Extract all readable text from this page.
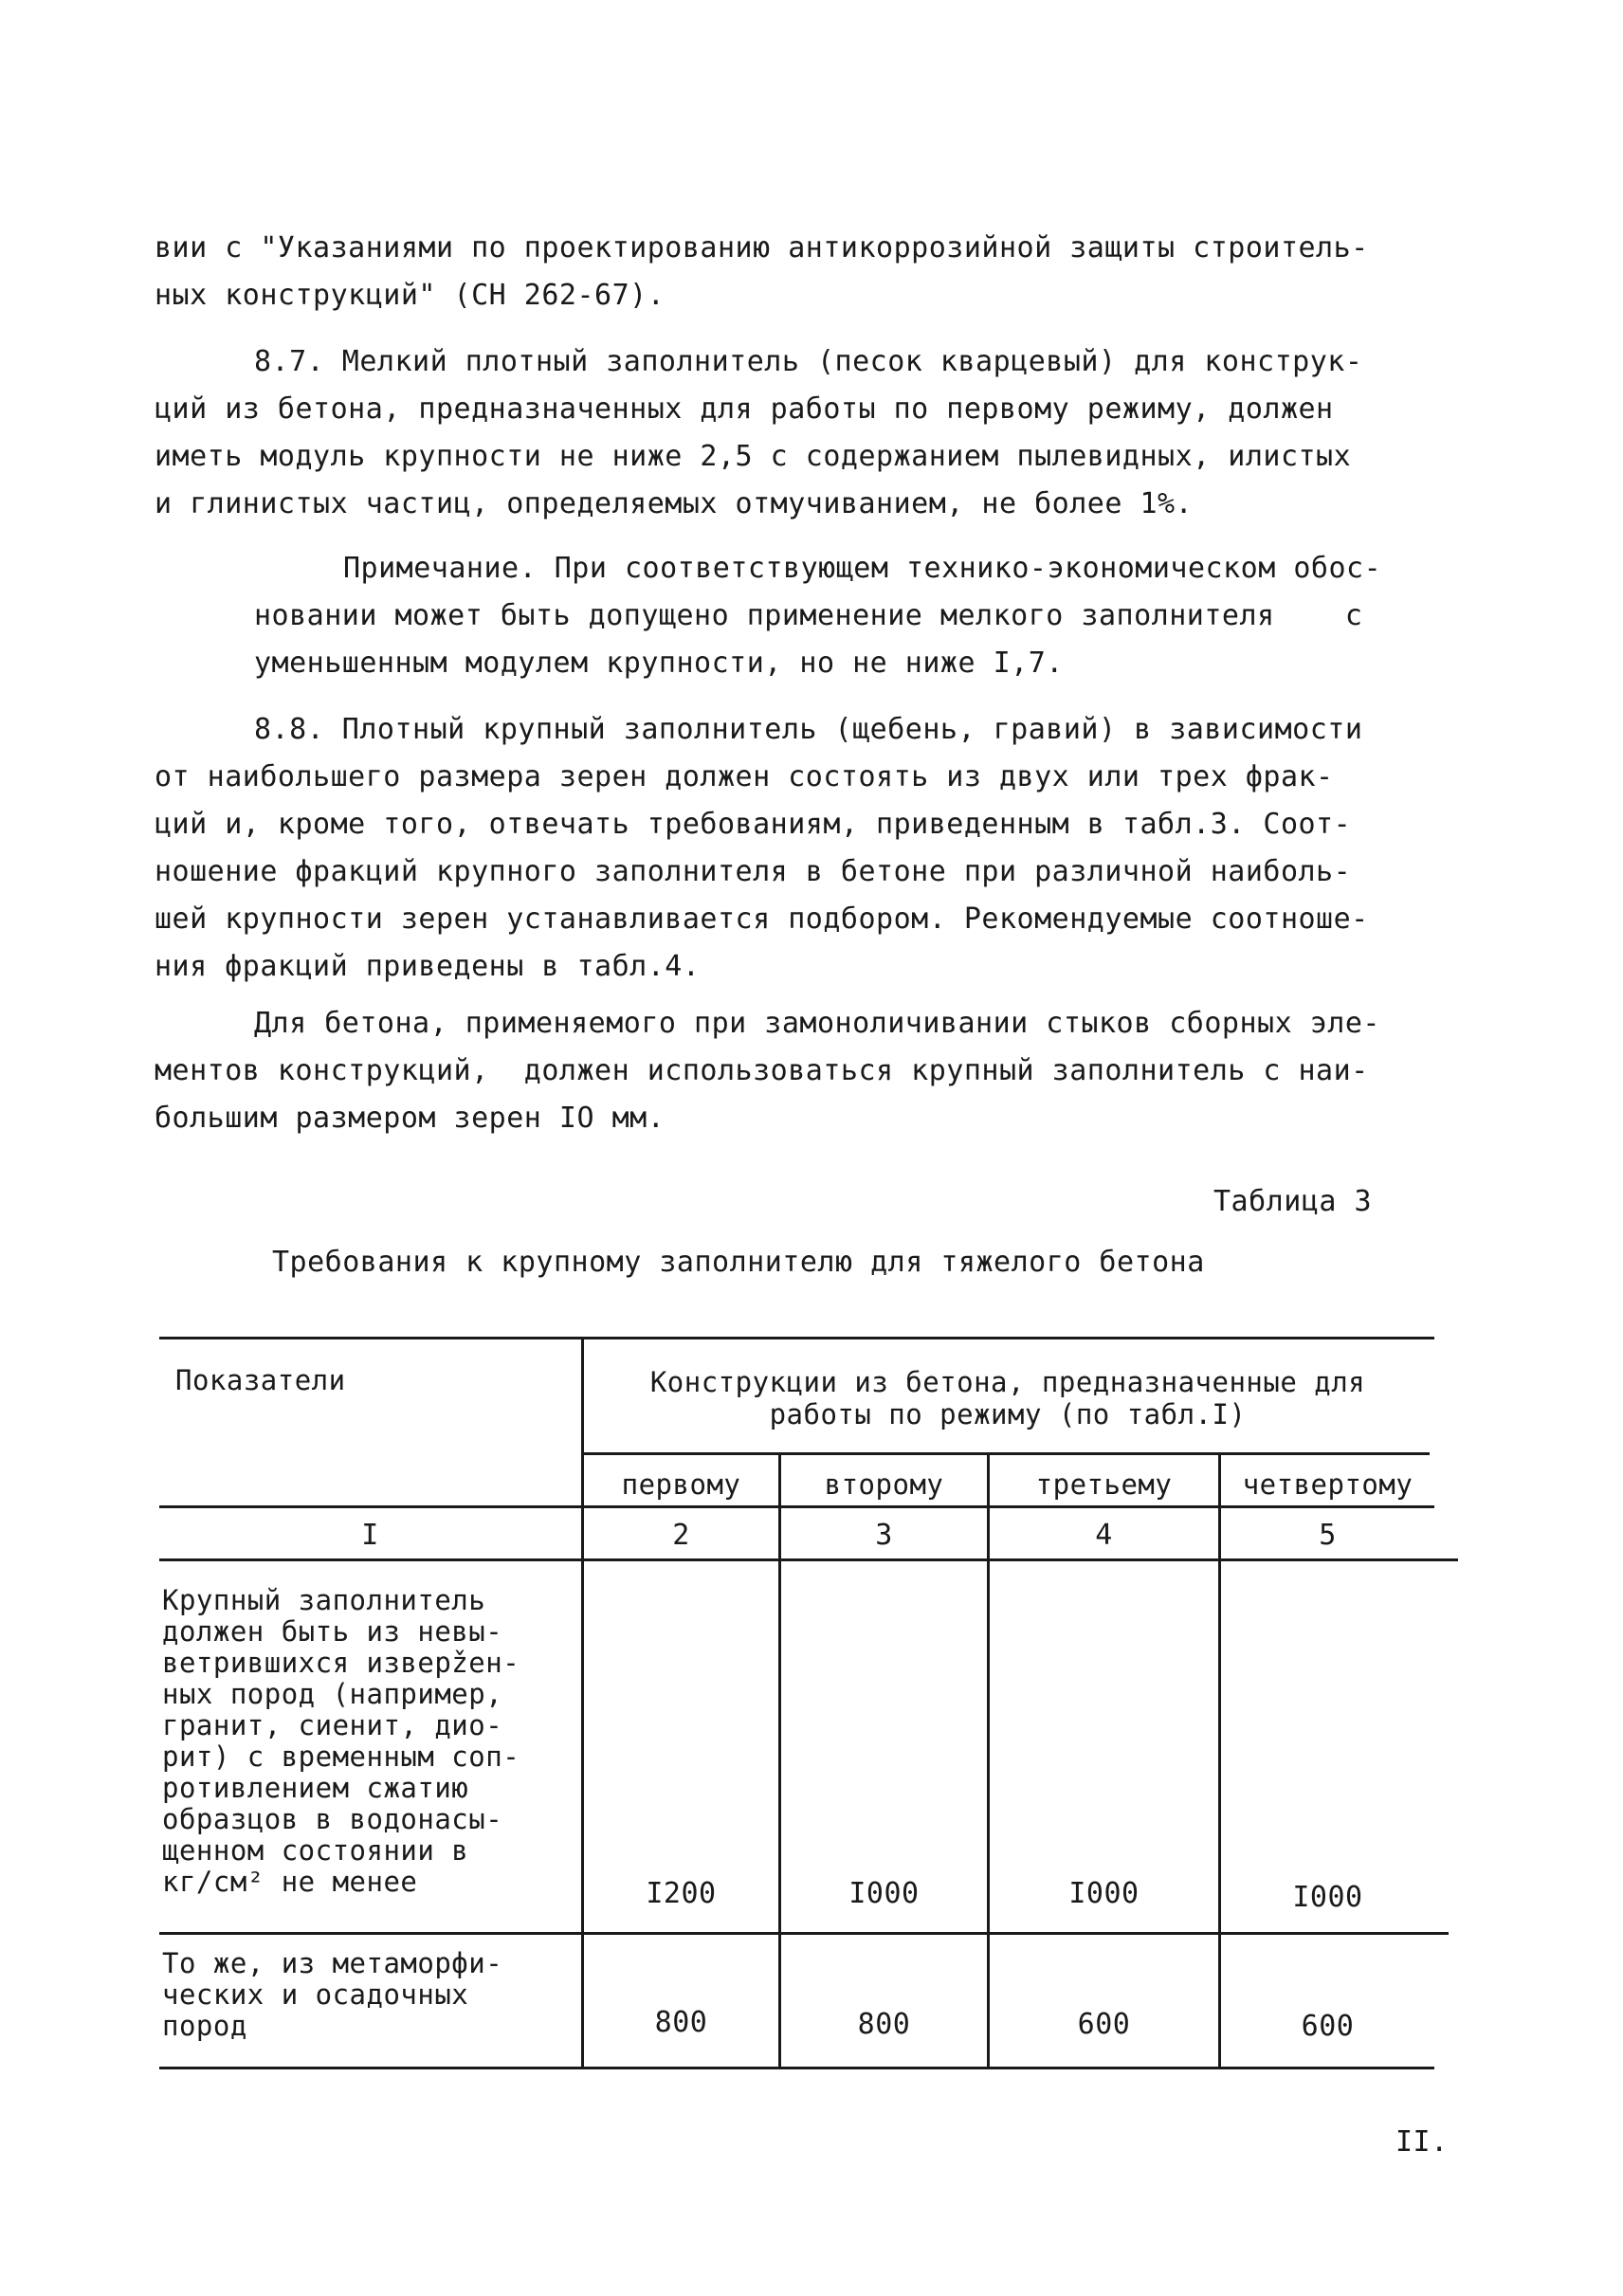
вии с "Указаниями по проектированию антикоррозийной защиты строитель-
ных конструкций" (СН 262-67).
8.7. Мелкий плотный заполнитель (песок кварцевый) для конструк-
ций из бетона, предназначенных для работы по первому режиму, должен
иметь модуль крупности не ниже 2,5 с содержанием пылевидных, илистых
и глинистых частиц, определяемых отмучиванием, не более 1%.
Примечание. При соответствующем технико-экономическом обос-
новании может быть допущено применение мелкого заполнителя    с
уменьшенным модулем крупности, но не ниже I,7.
8.8. Плотный крупный заполнитель (щебень, гравий) в зависимости
от наибольшего размера зерен должен состоять из двух или трех фрак-
ций и, кроме того, отвечать требованиям, приведенным в табл.3. Соот-
ношение фракций крупного заполнителя в бетоне при различной наиболь-
шей крупности зерен устанавливается подбором. Рекомендуемые соотноше-
ния фракций приведены в табл.4.
Для бетона, применяемого при замоноличивании стыков сборных эле-
ментов конструкций,  должен использоваться крупный заполнитель с наи-
большим размером зерен IO мм.
Таблица 3
Требования к крупному заполнителю для тяжелого бетона
Показатели	Конструкции из бетона, предназначенные для
работы по режиму (по табл.I)
первому	второму	третьему	четвертому
I	2	3	4	5
Крупный заполнитель
должен быть из невы-
ветрившихся изверžен-
ных пород (например,
гранит, сиенит, дио-
рит) с временным соп-
ротивлением сжатию
образцов в водонасы-
щенном состоянии в
кг/см² не менее	I200	I000	I000	I000
То же, из метаморфи-
ческих и осадочных
пород	800	800	600	600
II.
